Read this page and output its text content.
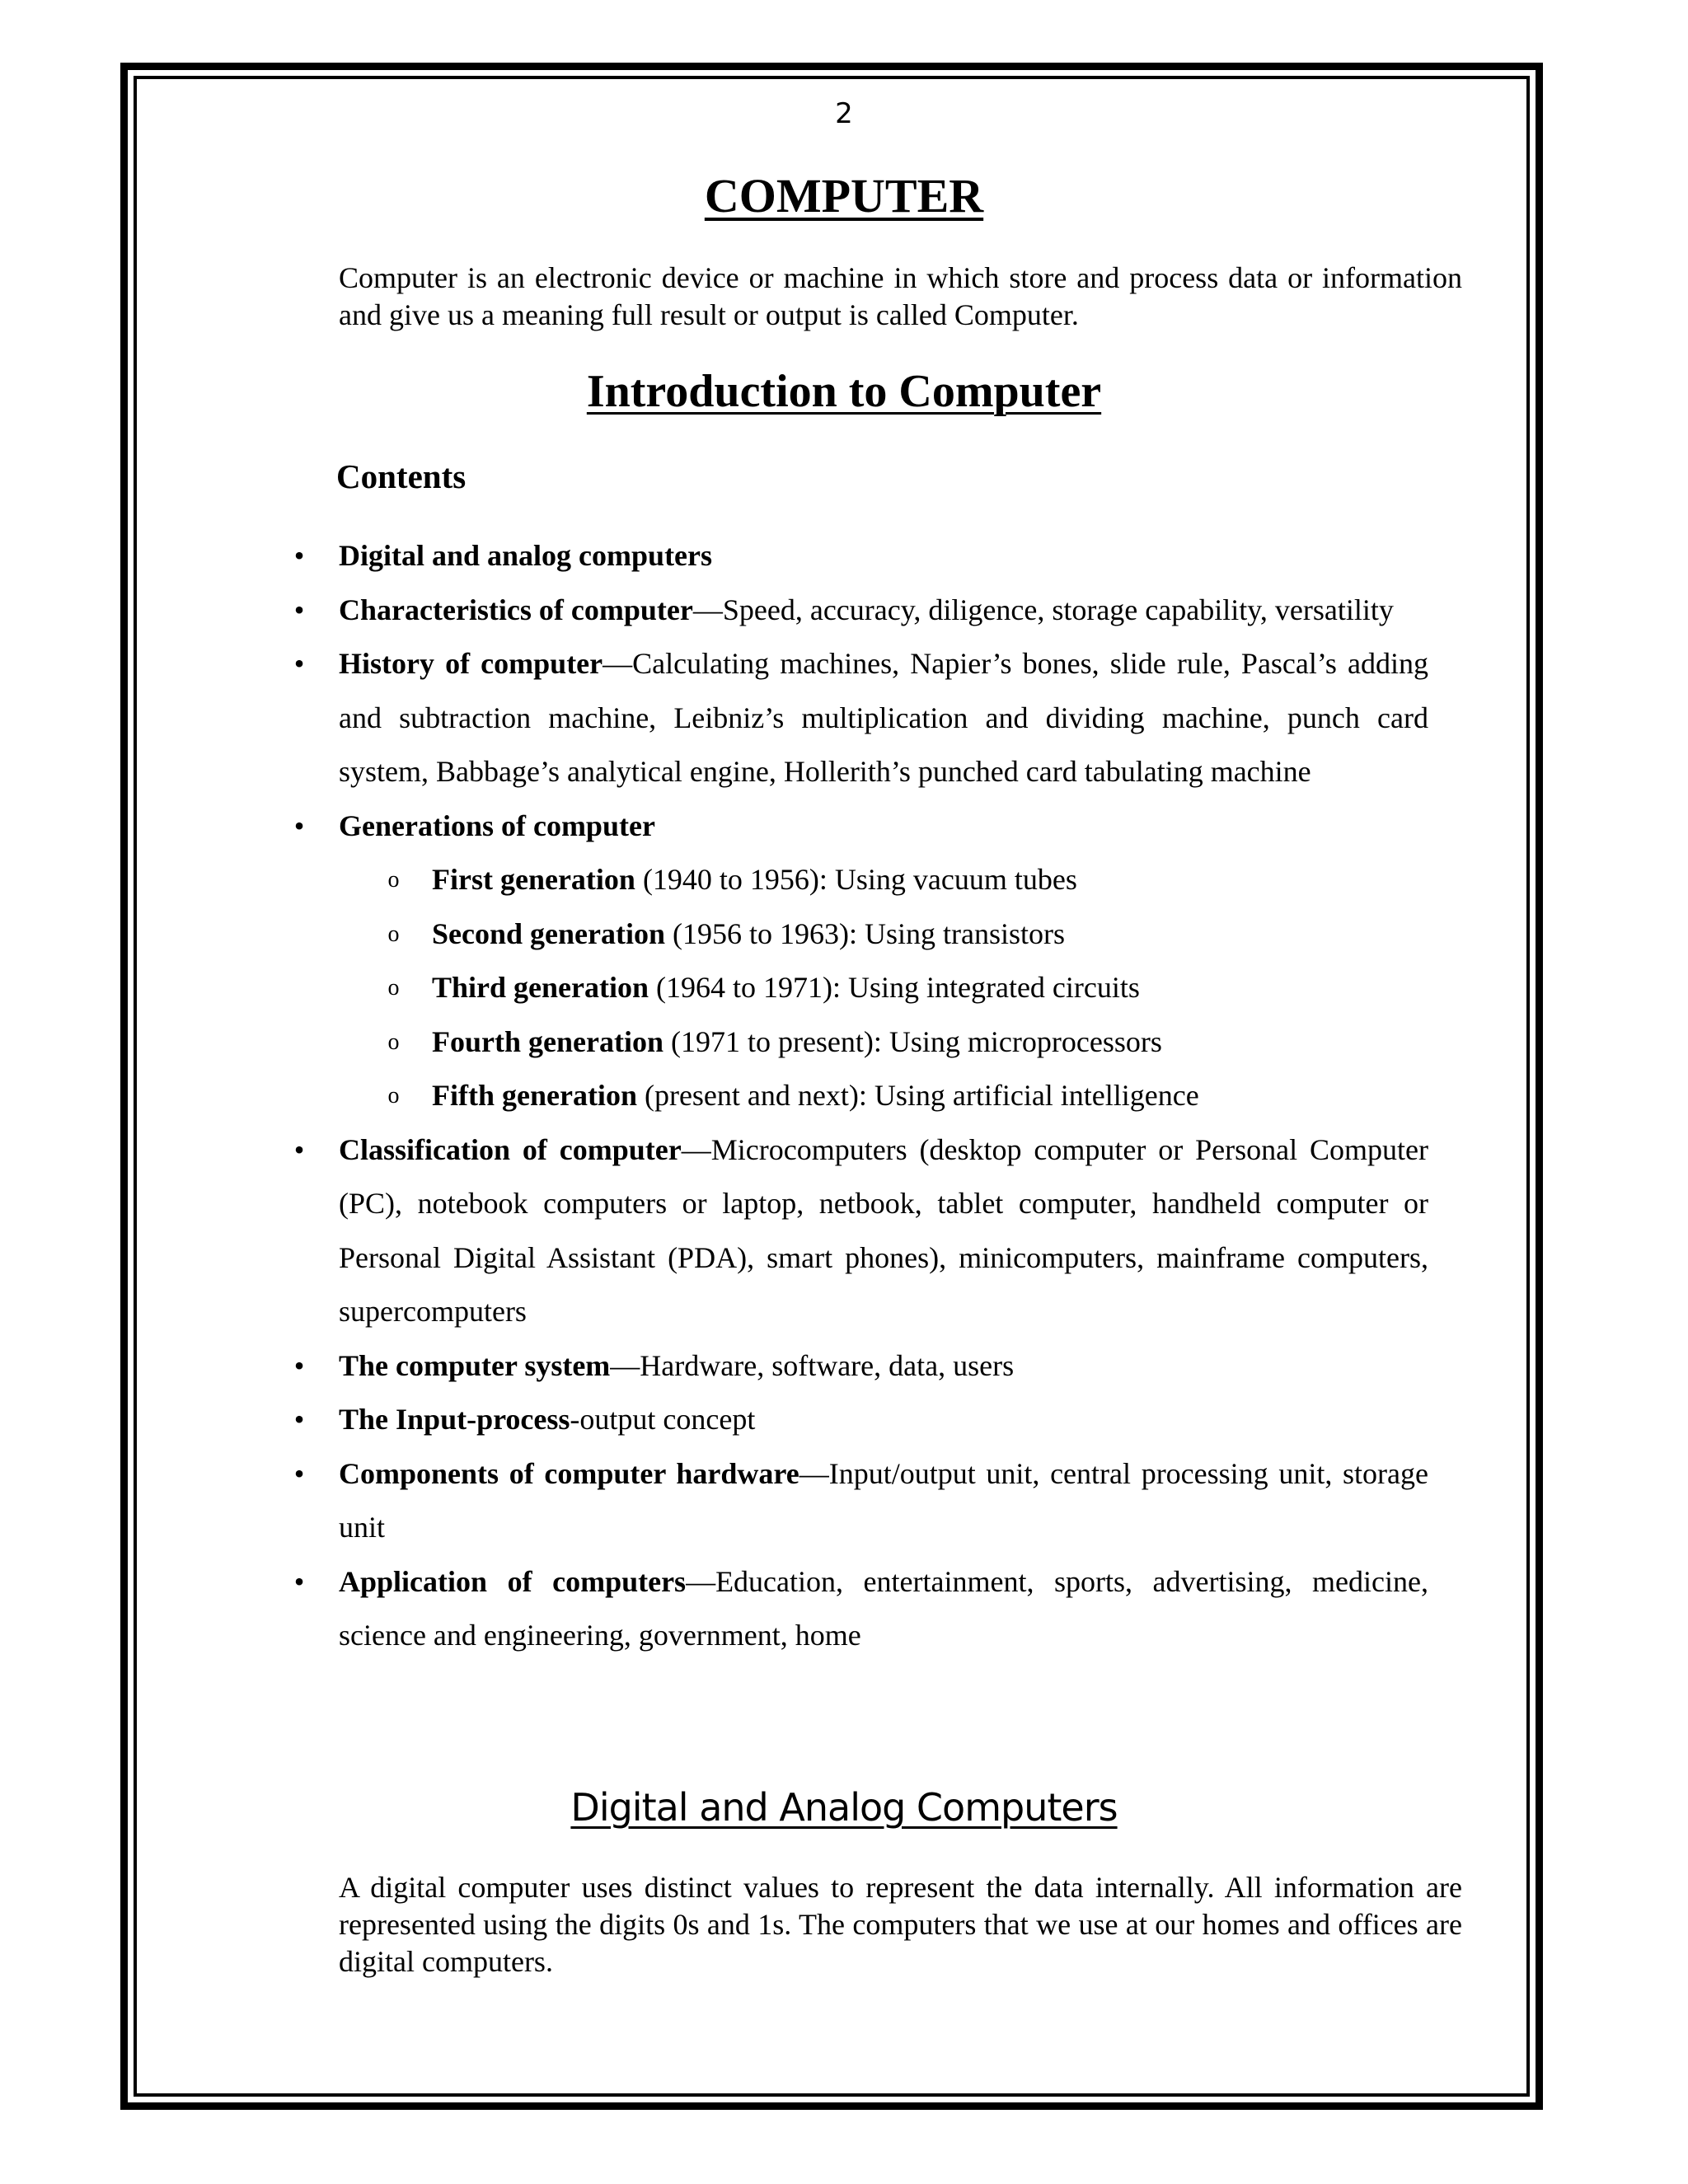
2
COMPUTER

Computer is an electronic device or machine in which store and process data or information and give us a meaning full result or output is called Computer.

Introduction to Computer
Contents
• Digital and analog computers
• Characteristics of computer—Speed, accuracy, diligence, storage capability, versatility
• History of computer—Calculating machines, Napier’s bones, slide rule, Pascal’s adding and subtraction machine, Leibniz’s multiplication and dividing machine, punch card system, Babbage’s analytical engine, Hollerith’s punched card tabulating machine
• Generations of computer
o First generation (1940 to 1956): Using vacuum tubes
o Second generation (1956 to 1963): Using transistors
o Third generation (1964 to 1971): Using integrated circuits
o Fourth generation (1971 to present): Using microprocessors
o Fifth generation (present and next): Using artificial intelligence
• Classification of computer—Microcomputers (desktop computer or Personal Computer (PC), notebook computers or laptop, netbook, tablet computer, handheld computer or Personal Digital Assistant (PDA), smart phones), minicomputers, mainframe computers, supercomputers
• The computer system—Hardware, software, data, users
• The Input-process-output concept
• Components of computer hardware—Input/output unit, central processing unit, storage unit
• Application of computers—Education, entertainment, sports, advertising, medicine, science and engineering, government, home
Digital and Analog Computers

A digital computer uses distinct values to represent the data internally. All information are represented using the digits 0s and 1s. The computers that we use at our homes and offices are digital computers.
